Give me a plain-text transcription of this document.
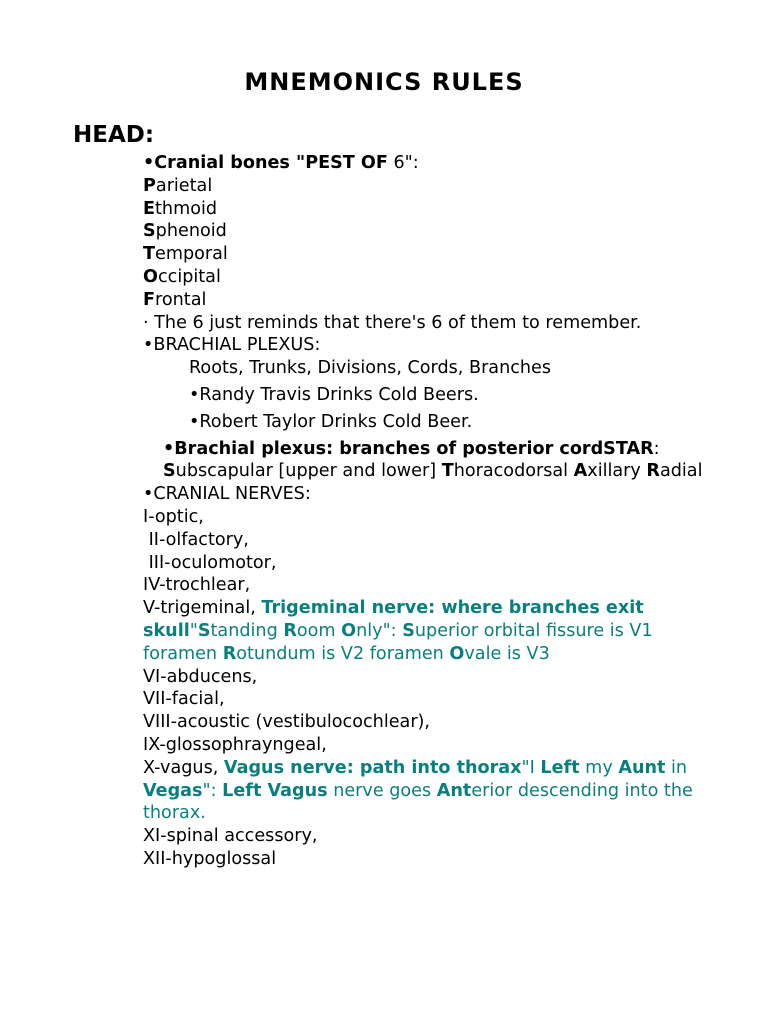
MNEMONICS RULES
HEAD:
•Cranial bones "PEST OF 6":
Parietal
Ethmoid
Sphenoid
Temporal
Occipital
Frontal
· The 6 just reminds that there's 6 of them to remember.
•BRACHIAL PLEXUS:
Roots, Trunks, Divisions, Cords, Branches
•Randy Travis Drinks Cold Beers.
•Robert Taylor Drinks Cold Beer.
•Brachial plexus: branches of posterior cordSTAR: Subscapular [upper and lower] Thoracodorsal Axillary Radial
•CRANIAL NERVES:
I-optic,
II-olfactory,
III-oculomotor,
IV-trochlear,
V-trigeminal, Trigeminal nerve: where branches exit skull"Standing Room Only": Superior orbital fissure is V1 foramen Rotundum is V2 foramen Ovale is V3
VI-abducens,
VII-facial,
VIII-acoustic (vestibulocochlear),
IX-glossophrayngeal,
X-vagus, Vagus nerve: path into thorax"I Left my Aunt in Vegas": Left Vagus nerve goes Anterior descending into the thorax.
XI-spinal accessory,
XII-hypoglossal
